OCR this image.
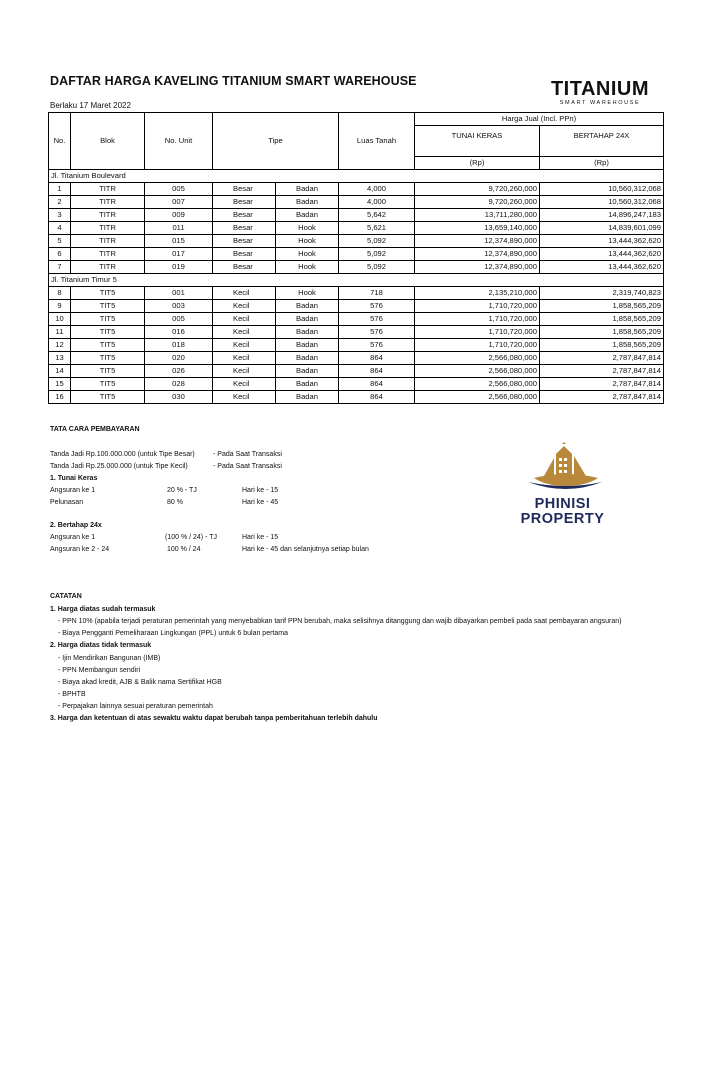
DAFTAR HARGA KAVELING TITANIUM SMART WAREHOUSE
Berlaku 17 Maret 2022
TITANIUM
SMART WAREHOUSE
No.	Blok	No. Unit	Tipe		Luas Tanah	Harga Jual (Incl. PPn)	
						TUNAI KERAS	BERTAHAP 24X
						(Rp)	(Rp)
Jl. Titanium Boulevard							
1	TITR	005	Besar	Badan	4,000	9,720,260,000	10,560,312,068
2	TITR	007	Besar	Badan	4,000	9,720,260,000	10,560,312,068
3	TITR	009	Besar	Badan	5,642	13,711,280,000	14,896,247,183
4	TITR	011	Besar	Hook	5,621	13,659,140,000	14,839,601,099
5	TITR	015	Besar	Hook	5,092	12,374,890,000	13,444,362,620
6	TITR	017	Besar	Hook	5,092	12,374,890,000	13,444,362,620
7	TITR	019	Besar	Hook	5,092	12,374,890,000	13,444,362,620
Jl. Titanium Timur 5							
8	TIT5	001	Kecil	Hook	718	2,135,210,000	2,319,740,823
9	TIT5	003	Kecil	Badan	576	1,710,720,000	1,858,565,209
10	TIT5	005	Kecil	Badan	576	1,710,720,000	1,858,565,209
11	TIT5	016	Kecil	Badan	576	1,710,720,000	1,858,565,209
12	TIT5	018	Kecil	Badan	576	1,710,720,000	1,858,565,209
13	TIT5	020	Kecil	Badan	864	2,566,080,000	2,787,847,814
14	TIT5	026	Kecil	Badan	864	2,566,080,000	2,787,847,814
15	TIT5	028	Kecil	Badan	864	2,566,080,000	2,787,847,814
16	TIT5	030	Kecil	Badan	864	2,566,080,000	2,787,847,814
TATA CARA PEMBAYARAN
Tanda Jadi Rp.100.000.000 (untuk Tipe Besar)	- Pada Saat Transaksi
Tanda Jadi Rp.25.000.000 (untuk Tipe Kecil)	- Pada Saat Transaksi
1. Tunai Keras
Angsuran ke 1	20 % - TJ	Hari ke - 15
Pelunasan	80 %	Hari ke - 45
2. Bertahap 24x
Angsuran ke 1	(100 % / 24) - TJ	Hari ke - 15
Angsuran ke 2 - 24	100 % / 24	Hari ke - 45 dan selanjutnya setiap bulan
PHINISI
PROPERTY
CATATAN
1. Harga diatas sudah termasuk
- PPN 10% (apabila terjadi peraturan pemerintah yang menyebabkan tarif PPN berubah, maka selisihnya ditanggung dan wajib dibayarkan pembeli pada saat pembayaran angsuran)
- Biaya Pengganti Pemeliharaan Lingkungan (PPL) untuk 6 bulan pertama
2. Harga diatas tidak termasuk
- Ijin Mendirikan Bangunan (IMB)
- PPN Membangun sendiri
- Biaya akad kredit, AJB & Balik nama Sertifikat HGB
- BPHTB
- Perpajakan lainnya sesuai peraturan pemerintah
3. Harga dan ketentuan di atas sewaktu waktu dapat berubah tanpa pemberitahuan terlebih dahulu
